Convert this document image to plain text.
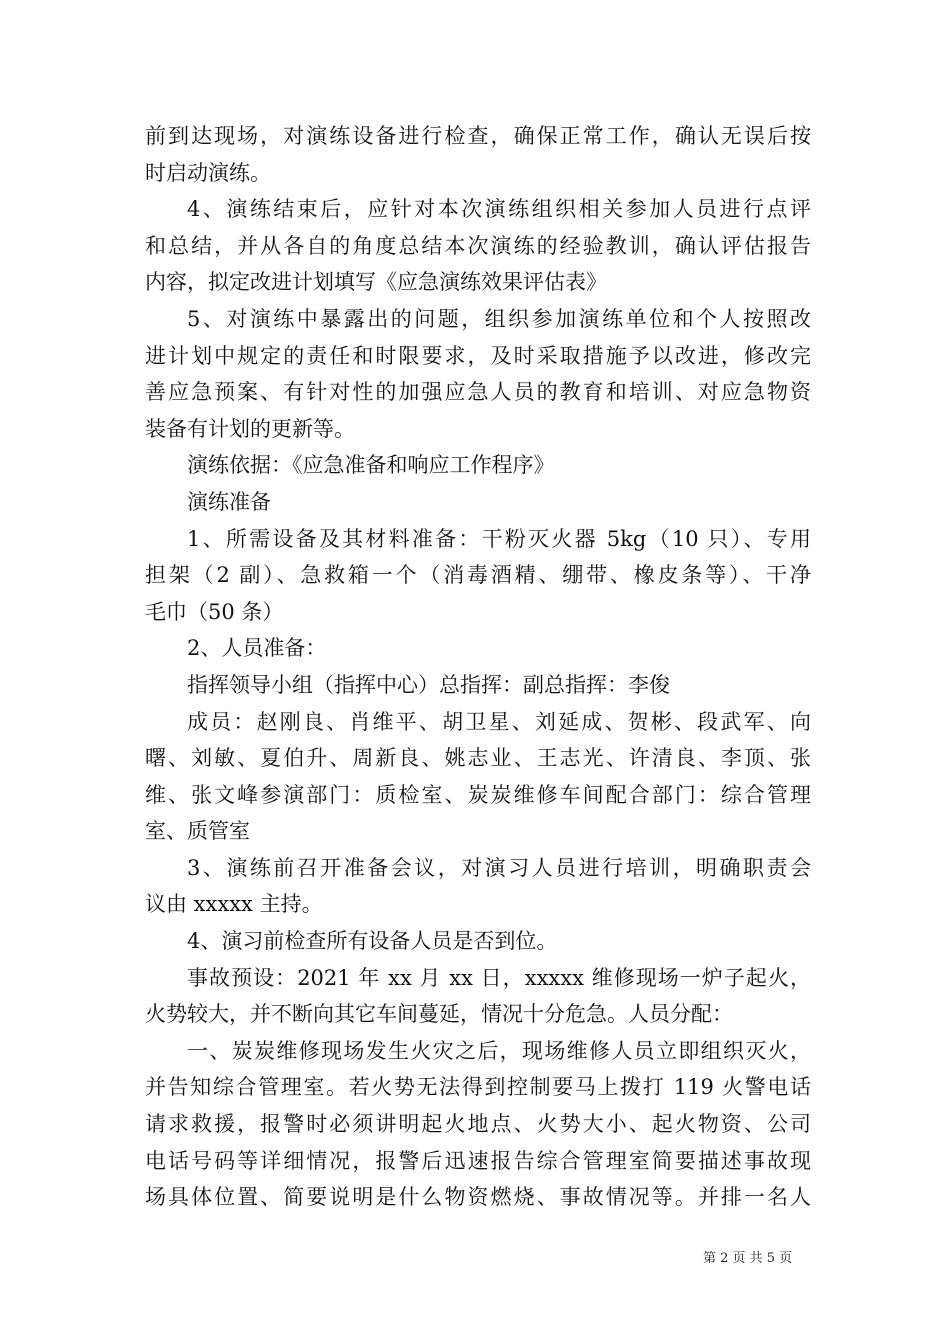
前到达现场，对演练设备进行检查，确保正常工作，确认无误后按
时启动演练。
4、演练结束后，应针对本次演练组织相关参加人员进行点评
和总结，并从各自的角度总结本次演练的经验教训，确认评估报告
内容，拟定改进计划填写《应急演练效果评估表》
5、对演练中暴露出的问题，组织参加演练单位和个人按照改
进计划中规定的责任和时限要求，及时采取措施予以改进，修改完
善应急预案、有针对性的加强应急人员的教育和培训、对应急物资
装备有计划的更新等。
演练依据：《应急准备和响应工作程序》
演练准备
1、所需设备及其材料准备：干粉灭火器 5kg（10 只）、专用
担架（2 副）、急救箱一个（消毒酒精、绷带、橡皮条等）、干净
毛巾（50 条）
2、人员准备：
指挥领导小组（指挥中心）总指挥：副总指挥：李俊
成员：赵刚良、肖维平、胡卫星、刘延成、贺彬、段武军、向
曙、刘敏、夏伯升、周新良、姚志业、王志光、许清良、李顶、张
维、张文峰参演部门：质检室、炭炭维修车间配合部门：综合管理
室、质管室
3、演练前召开准备会议，对演习人员进行培训，明确职责会
议由 xxxxx 主持。
4、演习前检查所有设备人员是否到位。
事故预设：2021 年 xx 月 xx 日，xxxxx 维修现场一炉子起火，
火势较大，并不断向其它车间蔓延，情况十分危急。人员分配：
一、炭炭维修现场发生火灾之后，现场维修人员立即组织灭火，
并告知综合管理室。若火势无法得到控制要马上拨打 119 火警电话
请求救援，报警时必须讲明起火地点、火势大小、起火物资、公司
电话号码等详细情况，报警后迅速报告综合管理室简要描述事故现
场具体位置、简要说明是什么物资燃烧、事故情况等。并排一名人
第 2 页 共 5 页
